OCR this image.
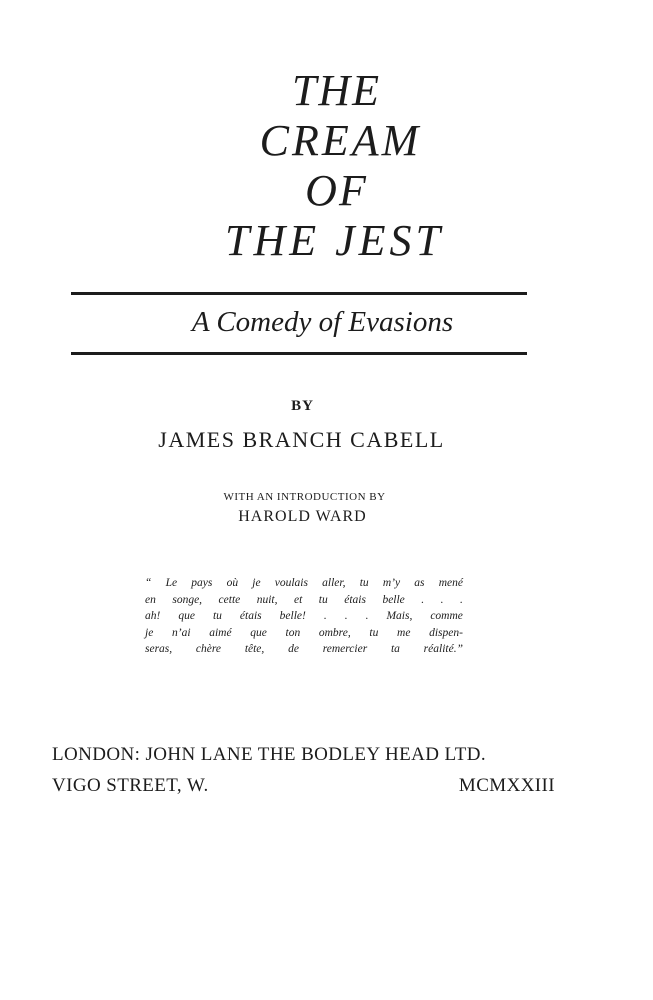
THE
CREAM
OF
THE JEST
A Comedy of Evasions
BY
JAMES BRANCH CABELL
WITH AN INTRODUCTION BY
HAROLD WARD
“ Le pays où je voulais aller, tu m’y as mené
en songe, cette nuit, et tu étais belle . . .
ah! que tu étais belle! . . . Mais, comme
je n’ai aimé que ton ombre, tu me dispen-
seras, chère tête, de remercier ta réalité.”
LONDON: JOHN LANE THE BODLEY HEAD LTD.
VIGO STREET, W.	MCMXXIII
